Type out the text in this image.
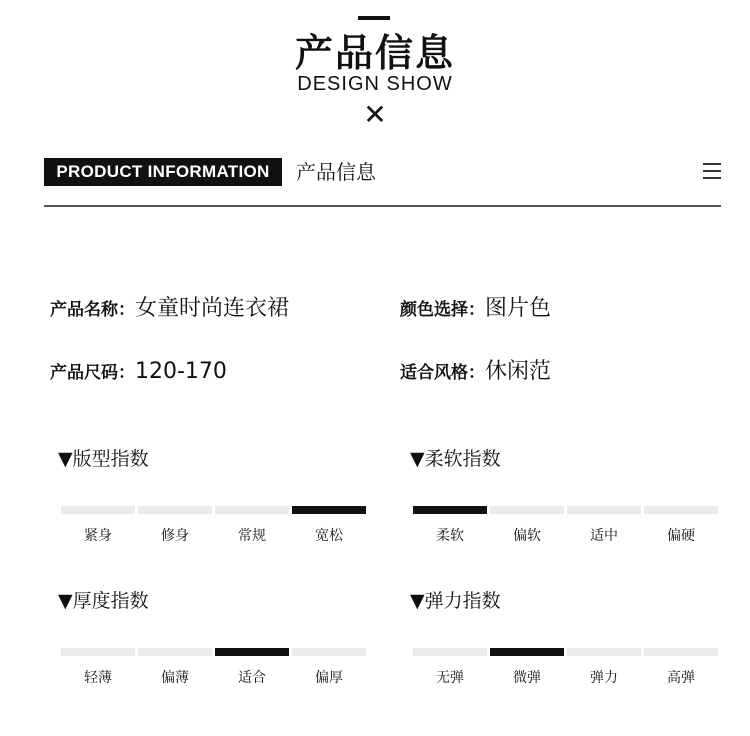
产品信息
DESIGN SHOW
✕
PRODUCT INFORMATION	产品信息
产品名称：女童时尚连衣裙	颜色选择：图片色
产品尺码：120-170	适合风格：休闲范
▼版型指数
紧身	修身	常规	宽松
▼柔软指数
柔软	偏软	适中	偏硬
▼厚度指数
轻薄	偏薄	适合	偏厚
▼弹力指数
无弹	微弹	弹力	高弹
